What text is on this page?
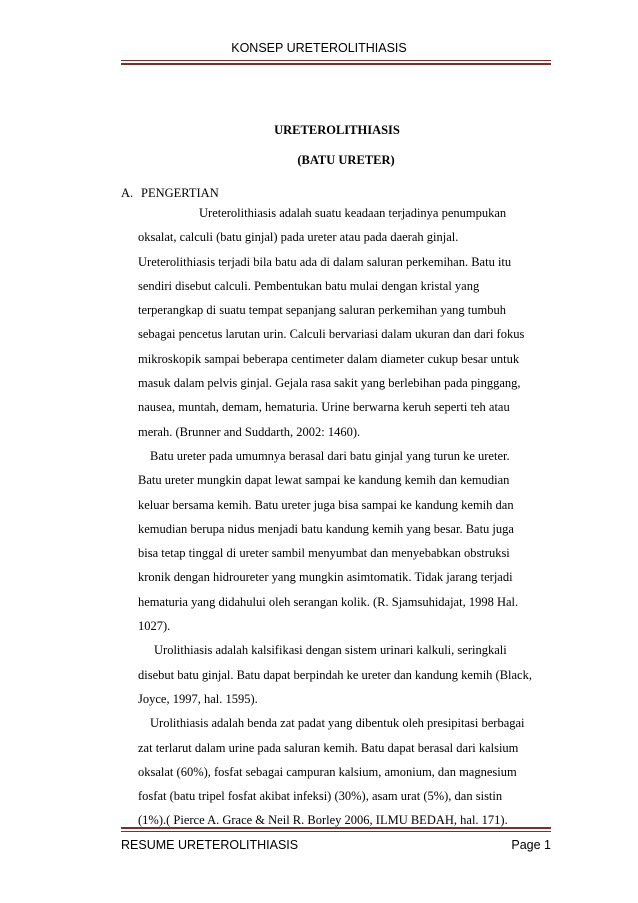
KONSEP URETEROLITHIASIS
URETEROLITHIASIS
(BATU URETER)
A. PENGERTIAN
Ureterolithiasis adalah suatu keadaan terjadinya penumpukan
oksalat, calculi (batu ginjal) pada ureter atau pada daerah ginjal.
Ureterolithiasis terjadi bila batu ada di dalam saluran perkemihan. Batu itu
sendiri disebut calculi. Pembentukan batu mulai dengan kristal yang
terperangkap di suatu tempat sepanjang saluran perkemihan yang tumbuh
sebagai pencetus larutan urin. Calculi bervariasi dalam ukuran dan dari fokus
mikroskopik sampai beberapa centimeter dalam diameter cukup besar untuk
masuk dalam pelvis ginjal. Gejala rasa sakit yang berlebihan pada pinggang,
nausea, muntah, demam, hematuria. Urine berwarna keruh seperti teh atau
merah. (Brunner and Suddarth, 2002: 1460).
Batu ureter pada umumnya berasal dari batu ginjal yang turun ke ureter.
Batu ureter mungkin dapat lewat sampai ke kandung kemih dan kemudian
keluar bersama kemih. Batu ureter juga bisa sampai ke kandung kemih dan
kemudian berupa nidus menjadi batu kandung kemih yang besar. Batu juga
bisa tetap tinggal di ureter sambil menyumbat dan menyebabkan obstruksi
kronik dengan hidroureter yang mungkin asimtomatik. Tidak jarang terjadi
hematuria yang didahului oleh serangan kolik. (R. Sjamsuhidajat, 1998 Hal.
1027).
Urolithiasis adalah kalsifikasi dengan sistem urinari kalkuli, seringkali
disebut batu ginjal. Batu dapat berpindah ke ureter dan kandung kemih (Black,
Joyce, 1997, hal. 1595).
Urolithiasis adalah benda zat padat yang dibentuk oleh presipitasi berbagai
zat terlarut dalam urine pada saluran kemih. Batu dapat berasal dari kalsium
oksalat (60%), fosfat sebagai campuran kalsium, amonium, dan magnesium
fosfat (batu tripel fosfat akibat infeksi) (30%), asam urat (5%), dan sistin
(1%).( Pierce A. Grace & Neil R. Borley 2006, ILMU BEDAH, hal. 171).
RESUME URETEROLITHIASIS	Page 1
